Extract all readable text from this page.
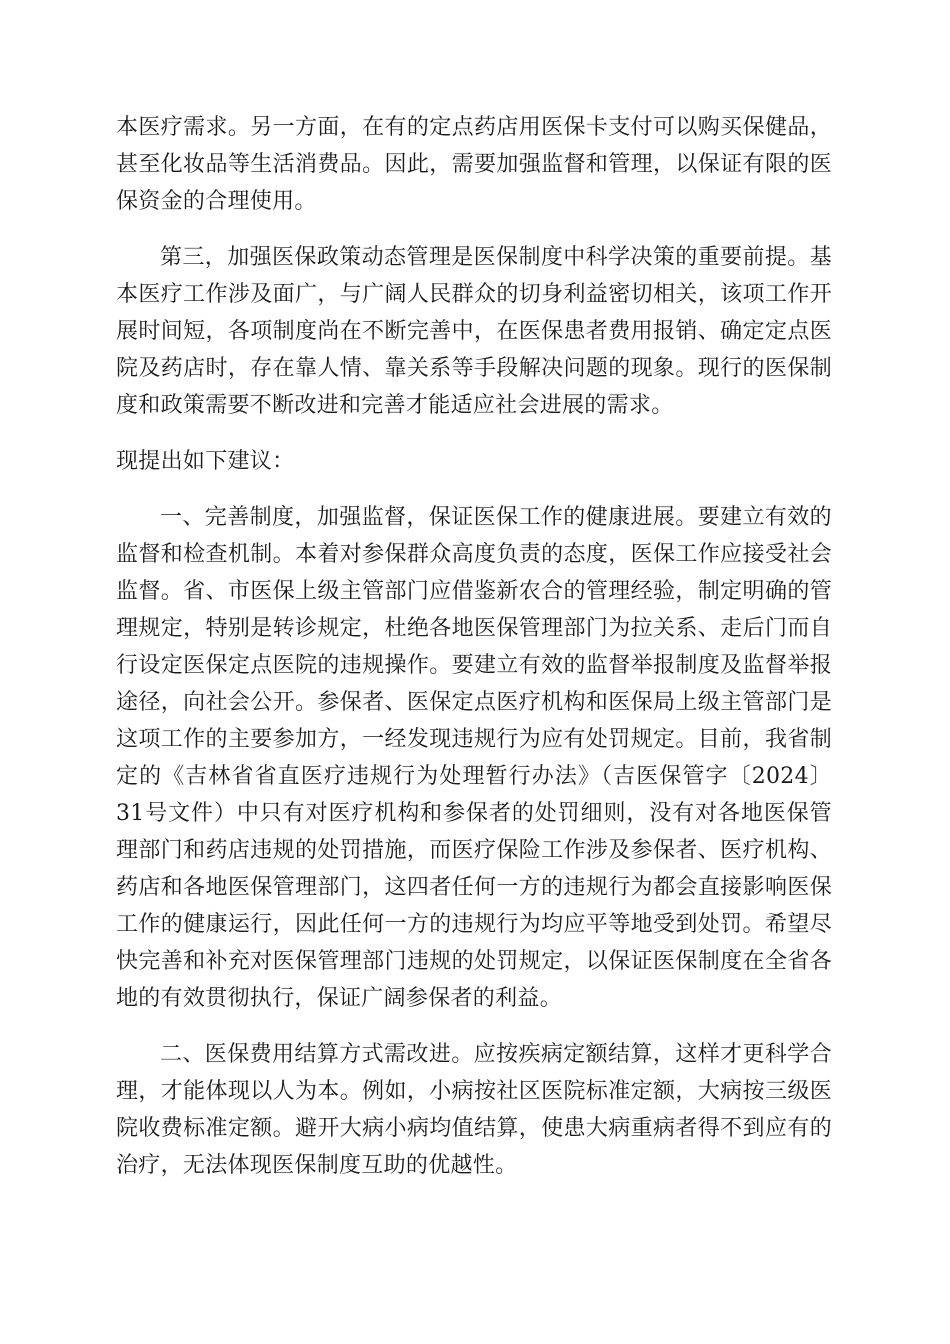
本医疗需求。另一方面，在有的定点药店用医保卡支付可以购买保健品，甚至化妆品等生活消费品。因此，需要加强监督和管理，以保证有限的医保资金的合理使用。

第三，加强医保政策动态管理是医保制度中科学决策的重要前提。基本医疗工作涉及面广，与广阔人民群众的切身利益密切相关，该项工作开展时间短，各项制度尚在不断完善中，在医保患者费用报销、确定定点医院及药店时，存在靠人情、靠关系等手段解决问题的现象。现行的医保制度和政策需要不断改进和完善才能适应社会进展的需求。

现提出如下建议：

一、完善制度，加强监督，保证医保工作的健康进展。要建立有效的监督和检查机制。本着对参保群众高度负责的态度，医保工作应接受社会监督。省、市医保上级主管部门应借鉴新农合的管理经验，制定明确的管理规定，特别是转诊规定，杜绝各地医保管理部门为拉关系、走后门而自行设定医保定点医院的违规操作。要建立有效的监督举报制度及监督举报途径，向社会公开。参保者、医保定点医疗机构和医保局上级主管部门是这项工作的主要参加方，一经发现违规行为应有处罚规定。目前，我省制定的《吉林省省直医疗违规行为处理暂行办法》（吉医保管字〔2024〕31号文件）中只有对医疗机构和参保者的处罚细则，没有对各地医保管理部门和药店违规的处罚措施，而医疗保险工作涉及参保者、医疗机构、药店和各地医保管理部门，这四者任何一方的违规行为都会直接影响医保工作的健康运行，因此任何一方的违规行为均应平等地受到处罚。希望尽快完善和补充对医保管理部门违规的处罚规定，以保证医保制度在全省各地的有效贯彻执行，保证广阔参保者的利益。

二、医保费用结算方式需改进。应按疾病定额结算，这样才更科学合理，才能体现以人为本。例如，小病按社区医院标准定额，大病按三级医院收费标准定额。避开大病小病均值结算，使患大病重病者得不到应有的治疗，无法体现医保制度互助的优越性。
